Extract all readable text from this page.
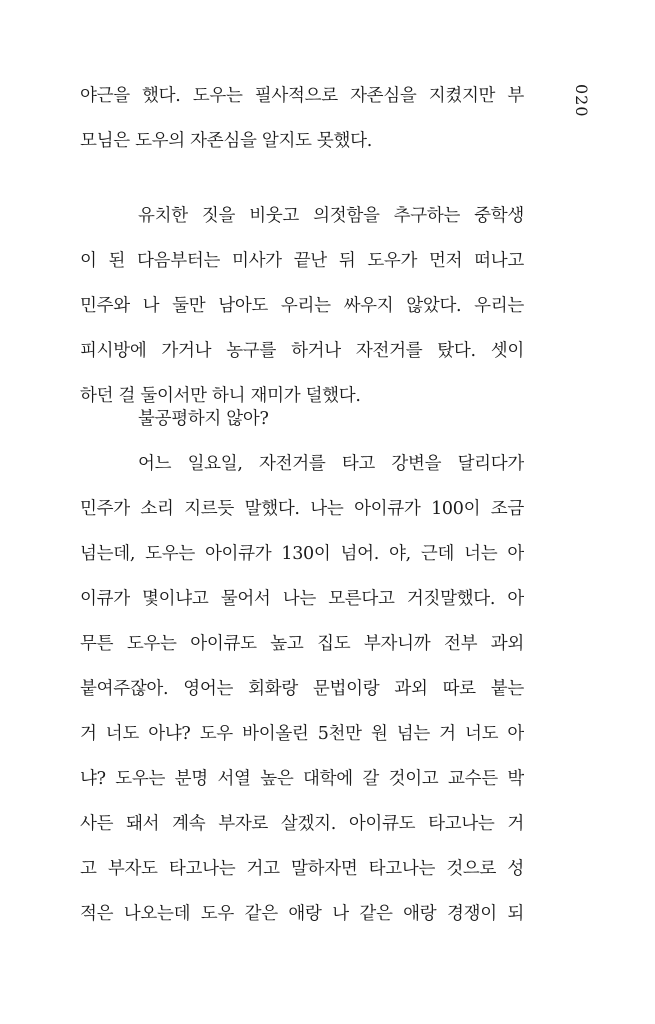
020
야근을 했다. 도우는 필사적으로 자존심을 지켰지만 부
모님은 도우의 자존심을 알지도 못했다.
유치한 짓을 비웃고 의젓함을 추구하는 중학생
이 된 다음부터는 미사가 끝난 뒤 도우가 먼저 떠나고
민주와 나 둘만 남아도 우리는 싸우지 않았다. 우리는
피시방에 가거나 농구를 하거나 자전거를 탔다. 셋이
하던 걸 둘이서만 하니 재미가 덜했다.
불공평하지 않아?
어느 일요일, 자전거를 타고 강변을 달리다가
민주가 소리 지르듯 말했다. 나는 아이큐가 100이 조금
넘는데, 도우는 아이큐가 130이 넘어. 야, 근데 너는 아
이큐가 몇이냐고 물어서 나는 모른다고 거짓말했다. 아
무튼 도우는 아이큐도 높고 집도 부자니까 전부 과외
붙여주잖아. 영어는 회화랑 문법이랑 과외 따로 붙는
거 너도 아냐? 도우 바이올린 5천만 원 넘는 거 너도 아
냐? 도우는 분명 서열 높은 대학에 갈 것이고 교수든 박
사든 돼서 계속 부자로 살겠지. 아이큐도 타고나는 거
고 부자도 타고나는 거고 말하자면 타고나는 것으로 성
적은 나오는데 도우 같은 애랑 나 같은 애랑 경쟁이 되
